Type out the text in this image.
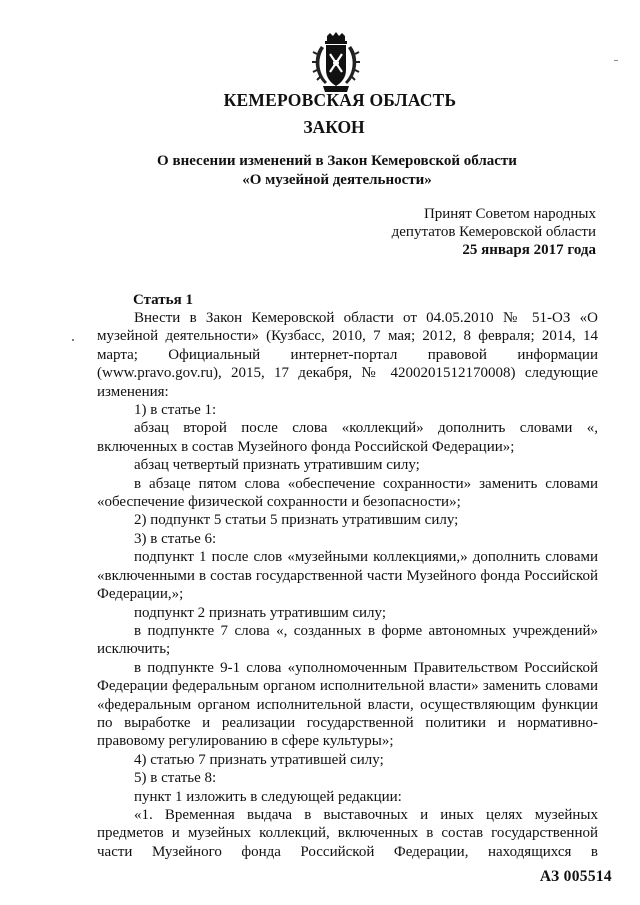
КЕМЕРОВСКАЯ ОБЛАСТЬ
ЗАКОН
О внесении изменений в Закон Кемеровской области
«О музейной деятельности»
Принят Советом народных
депутатов Кемеровской области
25 января 2017 года
Статья 1

Внести в Закон Кемеровской области от 04.05.2010 № 51-ОЗ «О музейной деятельности» (Кузбасс, 2010, 7 мая; 2012, 8 февраля; 2014, 14 марта; Официальный интернет-портал правовой информации (www.pravo.gov.ru), 2015, 17 декабря, № 4200201512170008) следующие изменения:

1) в статье 1:

абзац второй после слова «коллекций» дополнить словами «, включенных в состав Музейного фонда Российской Федерации»;

абзац четвертый признать утратившим силу;

в абзаце пятом слова «обеспечение сохранности» заменить словами «обеспечение физической сохранности и безопасности»;

2) подпункт 5 статьи 5 признать утратившим силу;

3) в статье 6:

подпункт 1 после слов «музейными коллекциями,» дополнить словами «включенными в состав государственной части Музейного фонда Российской Федерации,»;

подпункт 2 признать утратившим силу;

в подпункте 7 слова «, созданных в форме автономных учреждений» исключить;

в подпункте 9-1 слова «уполномоченным Правительством Российской Федерации федеральным органом исполнительной власти» заменить словами «федеральным органом исполнительной власти, осуществляющим функции по выработке и реализации государственной политики и нормативно-правовому регулированию в сфере культуры»;

4) статью 7 признать утратившей силу;

5) в статье 8:

пункт 1 изложить в следующей редакции:

«1. Временная выдача в выставочных и иных целях музейных предметов и музейных коллекций, включенных в состав государственной части Музейного фонда Российской Федерации, находящихся в

АЗ 005514
